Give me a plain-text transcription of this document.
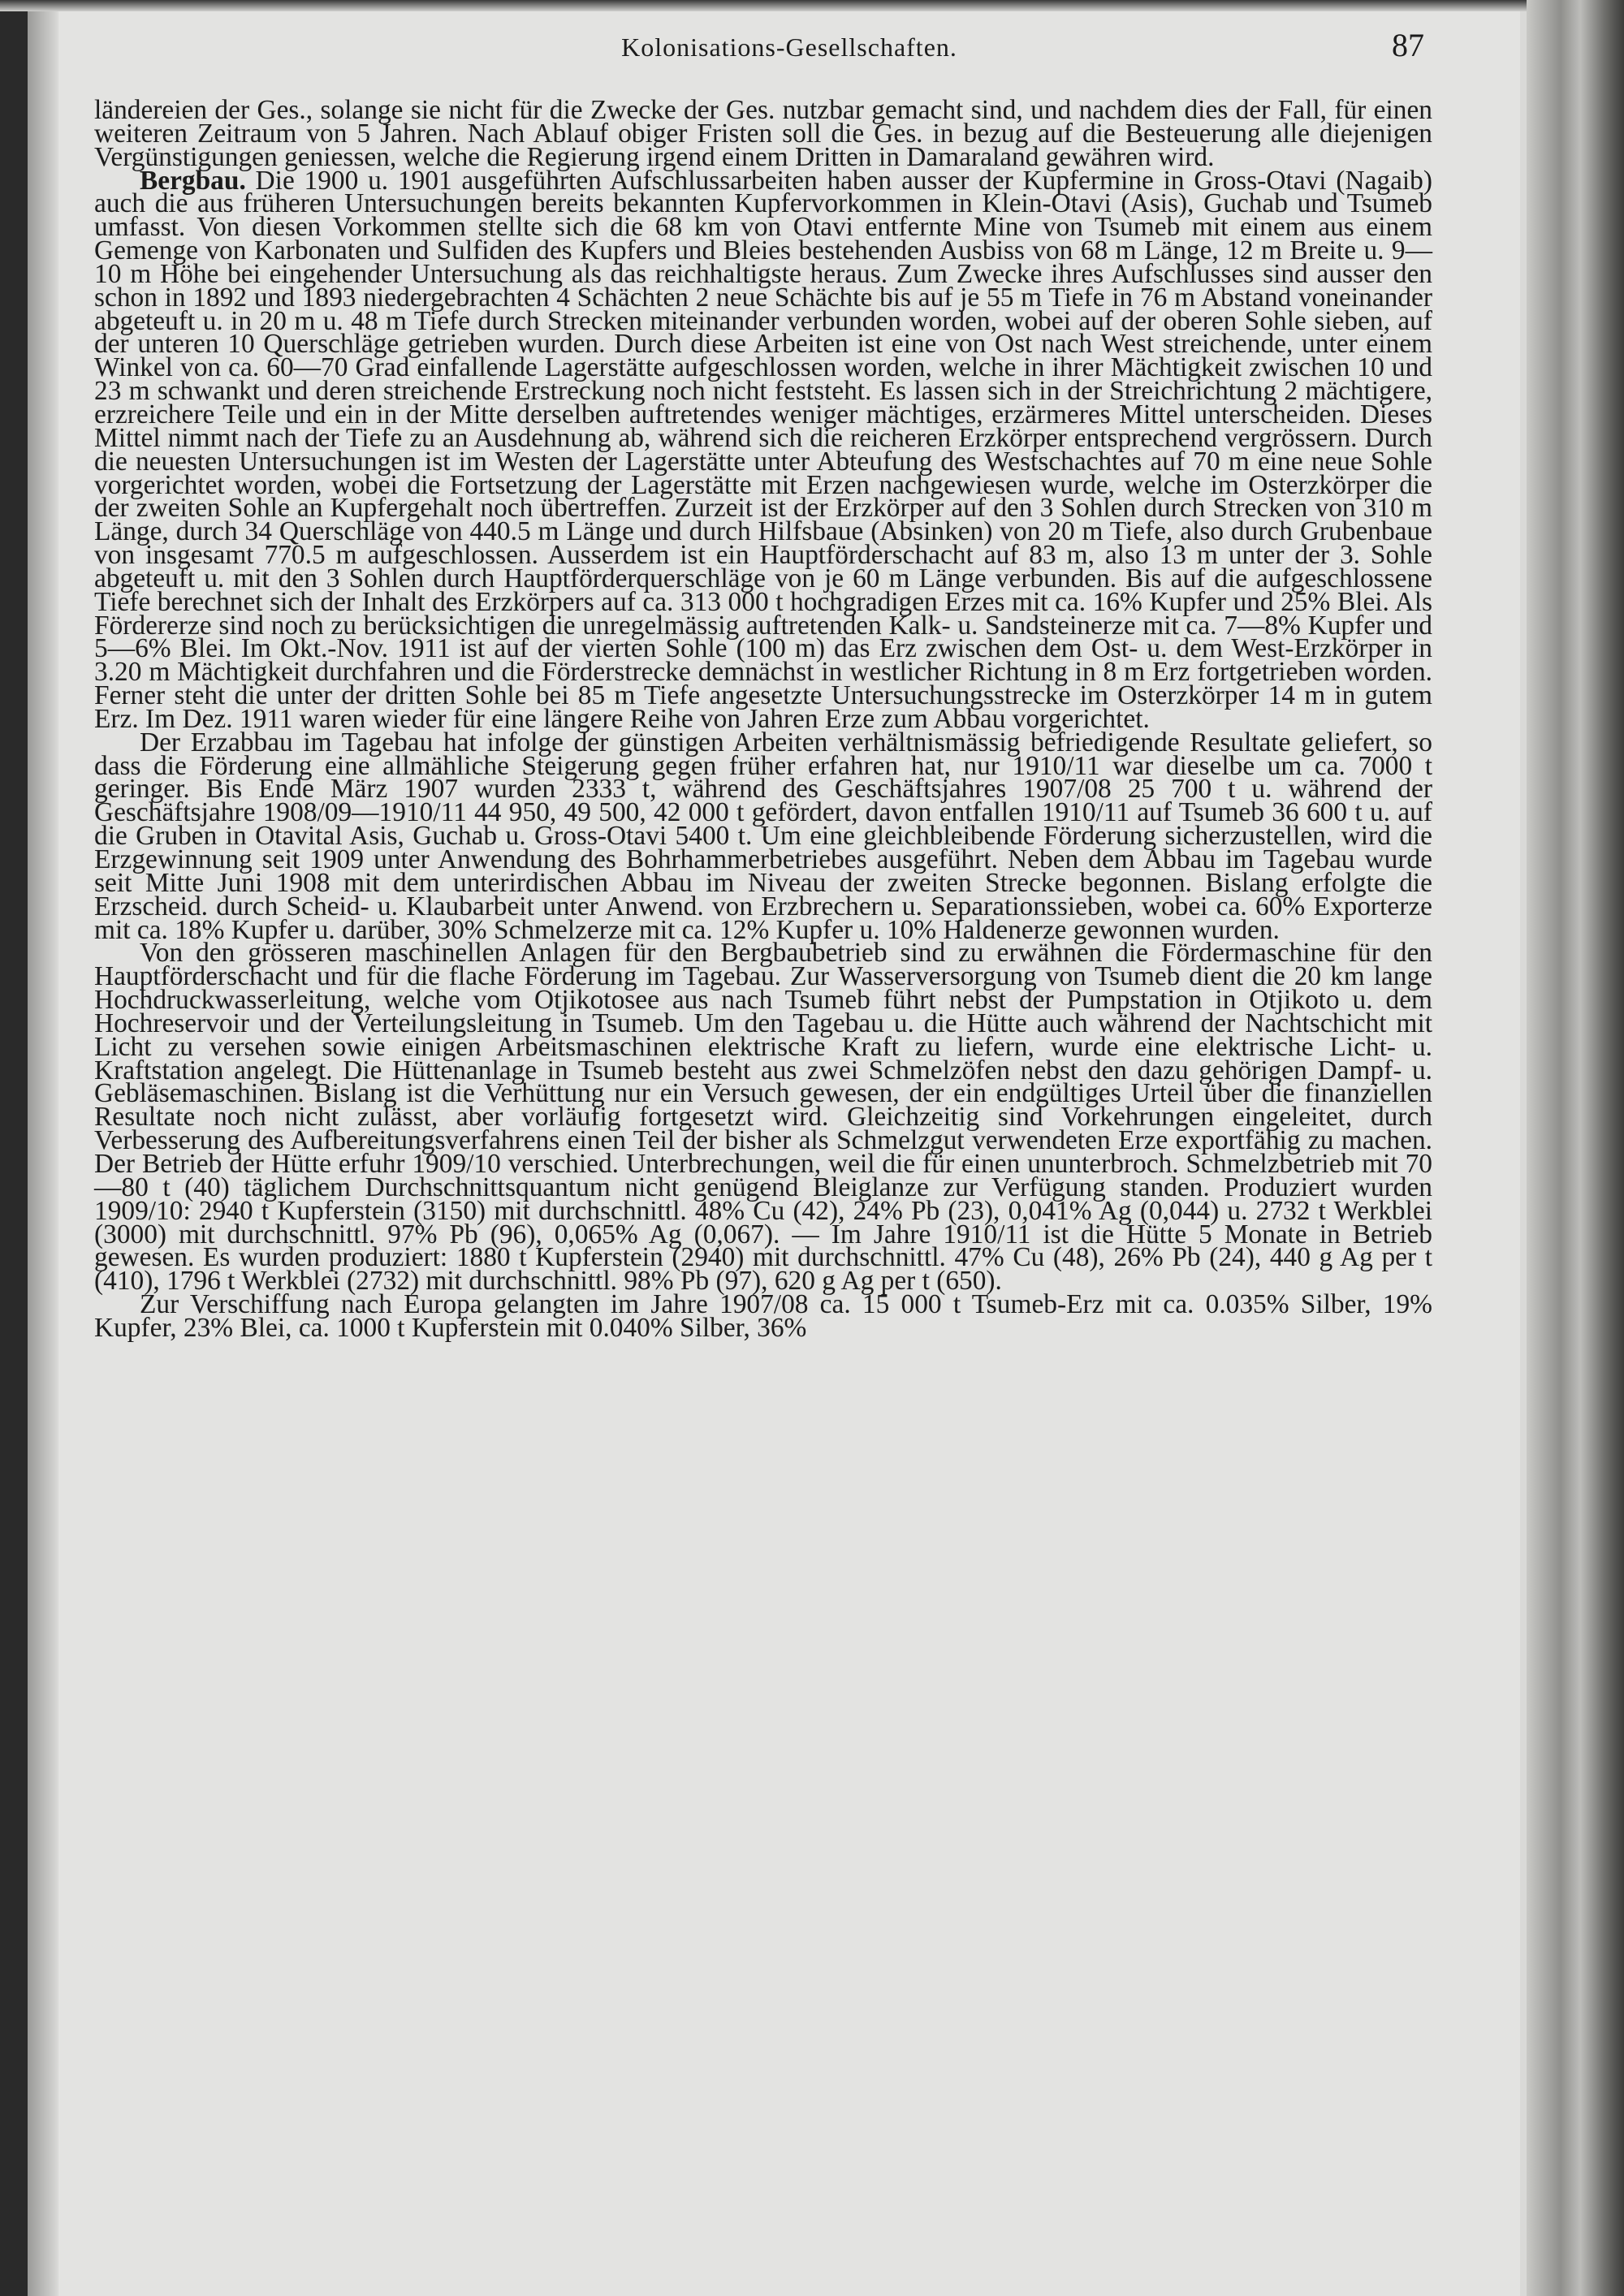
Kolonisations-Gesellschaften.	87

ländereien der Ges., solange sie nicht für die Zwecke der Ges. nutzbar gemacht sind, und nachdem dies der Fall, für einen weiteren Zeitraum von 5 Jahren. Nach Ablauf obiger Fristen soll die Ges. in bezug auf die Besteuerung alle diejenigen Vergünstigungen geniessen, welche die Regierung irgend einem Dritten in Damaraland gewähren wird.

Bergbau. Die 1900 u. 1901 ausgeführten Aufschlussarbeiten haben ausser der Kupfermine in Gross-Otavi (Nagaib) auch die aus früheren Untersuchungen bereits bekannten Kupfervorkommen in Klein-Otavi (Asis), Guchab und Tsumeb umfasst. Von diesen Vorkommen stellte sich die 68 km von Otavi entfernte Mine von Tsumeb mit einem aus einem Gemenge von Karbonaten und Sulfiden des Kupfers und Bleies bestehenden Ausbiss von 68 m Länge, 12 m Breite u. 9—10 m Höhe bei eingehender Untersuchung als das reichhaltigste heraus. Zum Zwecke ihres Aufschlusses sind ausser den schon in 1892 und 1893 niedergebrachten 4 Schächten 2 neue Schächte bis auf je 55 m Tiefe in 76 m Abstand voneinander abgeteuft u. in 20 m u. 48 m Tiefe durch Strecken miteinander verbunden worden, wobei auf der oberen Sohle sieben, auf der unteren 10 Querschläge getrieben wurden. Durch diese Arbeiten ist eine von Ost nach West streichende, unter einem Winkel von ca. 60—70 Grad einfallende Lagerstätte aufgeschlossen worden, welche in ihrer Mächtigkeit zwischen 10 und 23 m schwankt und deren streichende Erstreckung noch nicht feststeht. Es lassen sich in der Streichrichtung 2 mächtigere, erzreichere Teile und ein in der Mitte derselben auftretendes weniger mächtiges, erzärmeres Mittel unterscheiden. Dieses Mittel nimmt nach der Tiefe zu an Ausdehnung ab, während sich die reicheren Erzkörper entsprechend vergrössern. Durch die neuesten Untersuchungen ist im Westen der Lagerstätte unter Abteufung des Westschachtes auf 70 m eine neue Sohle vorgerichtet worden, wobei die Fortsetzung der Lagerstätte mit Erzen nachgewiesen wurde, welche im Osterzkörper die der zweiten Sohle an Kupfergehalt noch übertreffen. Zurzeit ist der Erzkörper auf den 3 Sohlen durch Strecken von 310 m Länge, durch 34 Querschläge von 440.5 m Länge und durch Hilfsbaue (Absinken) von 20 m Tiefe, also durch Grubenbaue von insgesamt 770.5 m aufgeschlossen. Ausserdem ist ein Hauptförderschacht auf 83 m, also 13 m unter der 3. Sohle abgeteuft u. mit den 3 Sohlen durch Hauptförderquerschläge von je 60 m Länge verbunden. Bis auf die aufgeschlossene Tiefe berechnet sich der Inhalt des Erzkörpers auf ca. 313 000 t hochgradigen Erzes mit ca. 16% Kupfer und 25% Blei. Als Fördererze sind noch zu berücksichtigen die unregelmässig auftretenden Kalk- u. Sandsteinerze mit ca. 7—8% Kupfer und 5—6% Blei. Im Okt.-Nov. 1911 ist auf der vierten Sohle (100 m) das Erz zwischen dem Ost- u. dem West-Erzkörper in 3.20 m Mächtigkeit durchfahren und die Förderstrecke demnächst in westlicher Richtung in 8 m Erz fortgetrieben worden. Ferner steht die unter der dritten Sohle bei 85 m Tiefe angesetzte Untersuchungsstrecke im Osterzkörper 14 m in gutem Erz. Im Dez. 1911 waren wieder für eine längere Reihe von Jahren Erze zum Abbau vorgerichtet.

Der Erzabbau im Tagebau hat infolge der günstigen Arbeiten verhältnismässig befriedigende Resultate geliefert, so dass die Förderung eine allmähliche Steigerung gegen früher erfahren hat, nur 1910/11 war dieselbe um ca. 7000 t geringer. Bis Ende März 1907 wurden 2333 t, während des Geschäftsjahres 1907/08 25 700 t u. während der Geschäftsjahre 1908/09—1910/11 44 950, 49 500, 42 000 t gefördert, davon entfallen 1910/11 auf Tsumeb 36 600 t u. auf die Gruben in Otavital Asis, Guchab u. Gross-Otavi 5400 t. Um eine gleichbleibende Förderung sicherzustellen, wird die Erzgewinnung seit 1909 unter Anwendung des Bohrhammerbetriebes ausgeführt. Neben dem Abbau im Tagebau wurde seit Mitte Juni 1908 mit dem unterirdischen Abbau im Niveau der zweiten Strecke begonnen. Bislang erfolgte die Erzscheid. durch Scheid- u. Klaubarbeit unter Anwend. von Erzbrechern u. Separationssieben, wobei ca. 60% Exporterze mit ca. 18% Kupfer u. darüber, 30% Schmelzerze mit ca. 12% Kupfer u. 10% Haldenerze gewonnen wurden.

Von den grösseren maschinellen Anlagen für den Bergbaubetrieb sind zu erwähnen die Fördermaschine für den Hauptförderschacht und für die flache Förderung im Tagebau. Zur Wasserversorgung von Tsumeb dient die 20 km lange Hochdruckwasserleitung, welche vom Otjikotosee aus nach Tsumeb führt nebst der Pumpstation in Otjikoto u. dem Hochreservoir und der Verteilungsleitung in Tsumeb. Um den Tagebau u. die Hütte auch während der Nachtschicht mit Licht zu versehen sowie einigen Arbeitsmaschinen elektrische Kraft zu liefern, wurde eine elektrische Licht- u. Kraftstation angelegt. Die Hüttenanlage in Tsumeb besteht aus zwei Schmelzöfen nebst den dazu gehörigen Dampf- u. Gebläsemaschinen. Bislang ist die Verhüttung nur ein Versuch gewesen, der ein endgültiges Urteil über die finanziellen Resultate noch nicht zulässt, aber vorläufig fortgesetzt wird. Gleichzeitig sind Vorkehrungen eingeleitet, durch Verbesserung des Aufbereitungsverfahrens einen Teil der bisher als Schmelzgut verwendeten Erze exportfähig zu machen. Der Betrieb der Hütte erfuhr 1909/10 verschied. Unterbrechungen, weil die für einen ununterbroch. Schmelzbetrieb mit 70—80 t (40) täglichem Durchschnittsquantum nicht genügend Bleiglanze zur Verfügung standen. Produziert wurden 1909/10: 2940 t Kupferstein (3150) mit durchschnittl. 48% Cu (42), 24% Pb (23), 0,041% Ag (0,044) u. 2732 t Werkblei (3000) mit durchschnittl. 97% Pb (96), 0,065% Ag (0,067). — Im Jahre 1910/11 ist die Hütte 5 Monate in Betrieb gewesen. Es wurden produziert: 1880 t Kupferstein (2940) mit durchschnittl. 47% Cu (48), 26% Pb (24), 440 g Ag per t (410), 1796 t Werkblei (2732) mit durchschnittl. 98% Pb (97), 620 g Ag per t (650).

Zur Verschiffung nach Europa gelangten im Jahre 1907/08 ca. 15 000 t Tsumeb-Erz mit ca. 0.035% Silber, 19% Kupfer, 23% Blei, ca. 1000 t Kupferstein mit 0.040% Silber, 36%
